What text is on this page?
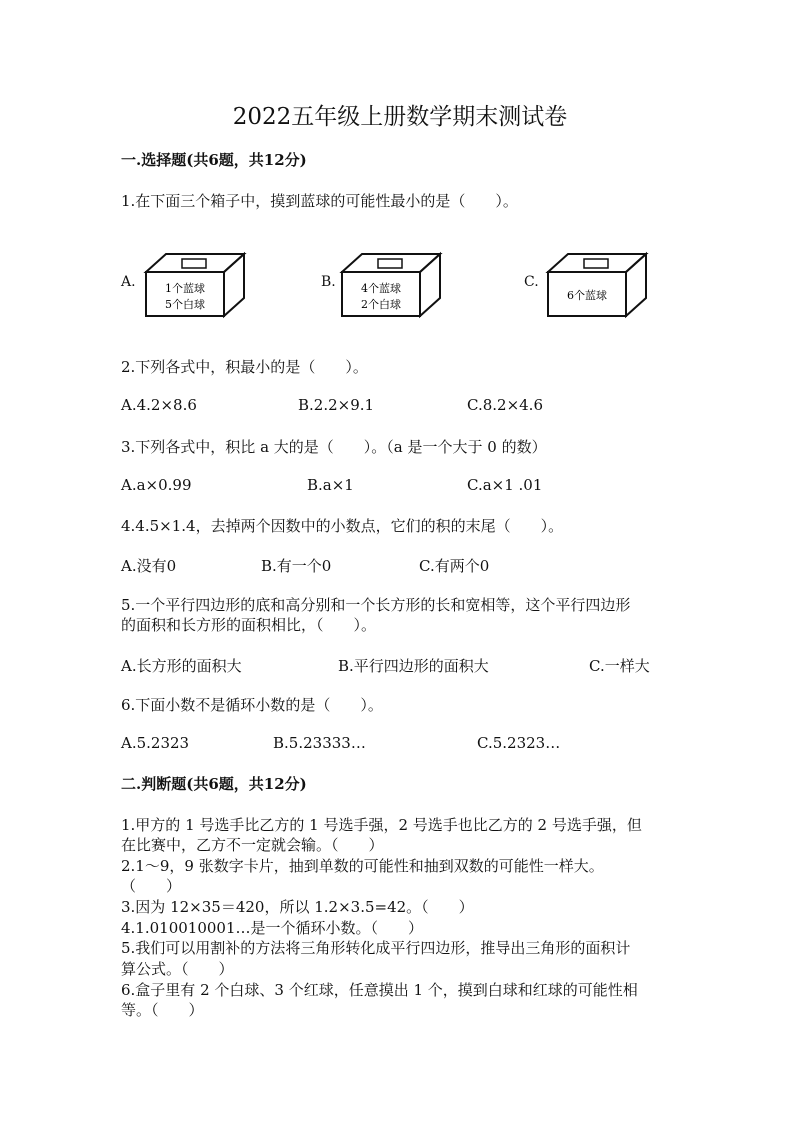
2022五年级上册数学期末测试卷
一.选择题(共6题，共12分)
1.在下面三个箱子中，摸到蓝球的可能性最小的是（　　）。
A.	1个蓝球
5个白球
B. 4个蓝球
2个白球
C.
6个蓝球
2.下列各式中，积最小的是（　　）。
A.4.2×8.6	B.2.2×9.1	C.8.2×4.6
3.下列各式中，积比 a 大的是（　　）。（a 是一个大于 0 的数）
A.a×0.99	B.a×1	C.a×1 .01
4.4.5×1.4，去掉两个因数中的小数点，它们的积的末尾（　　）。
A.没有0	B.有一个0	C.有两个0
5.一个平行四边形的底和高分别和一个长方形的长和宽相等，这个平行四边形
的面积和长方形的面积相比，（　　）。
A.长方形的面积大	B.平行四边形的面积大	C.一样大
6.下面小数不是循环小数的是（　　）。
A.5.2323	B.5.23333…	C.5.2323…
二.判断题(共6题，共12分)
1.甲方的 1 号选手比乙方的 1 号选手强，2 号选手也比乙方的 2 号选手强，但
在比赛中，乙方不一定就会输。（　　）
2.1～9，9 张数字卡片，抽到单数的可能性和抽到双数的可能性一样大。
（　　）
3.因为 12×35＝420，所以 1.2×3.5=42。（　　）
4.1.010010001…是一个循环小数。（　　）
5.我们可以用割补的方法将三角形转化成平行四边形，推导出三角形的面积计
算公式。（　　）
6.盒子里有 2 个白球、3 个红球，任意摸出 1 个，摸到白球和红球的可能性相
等。（　　）
